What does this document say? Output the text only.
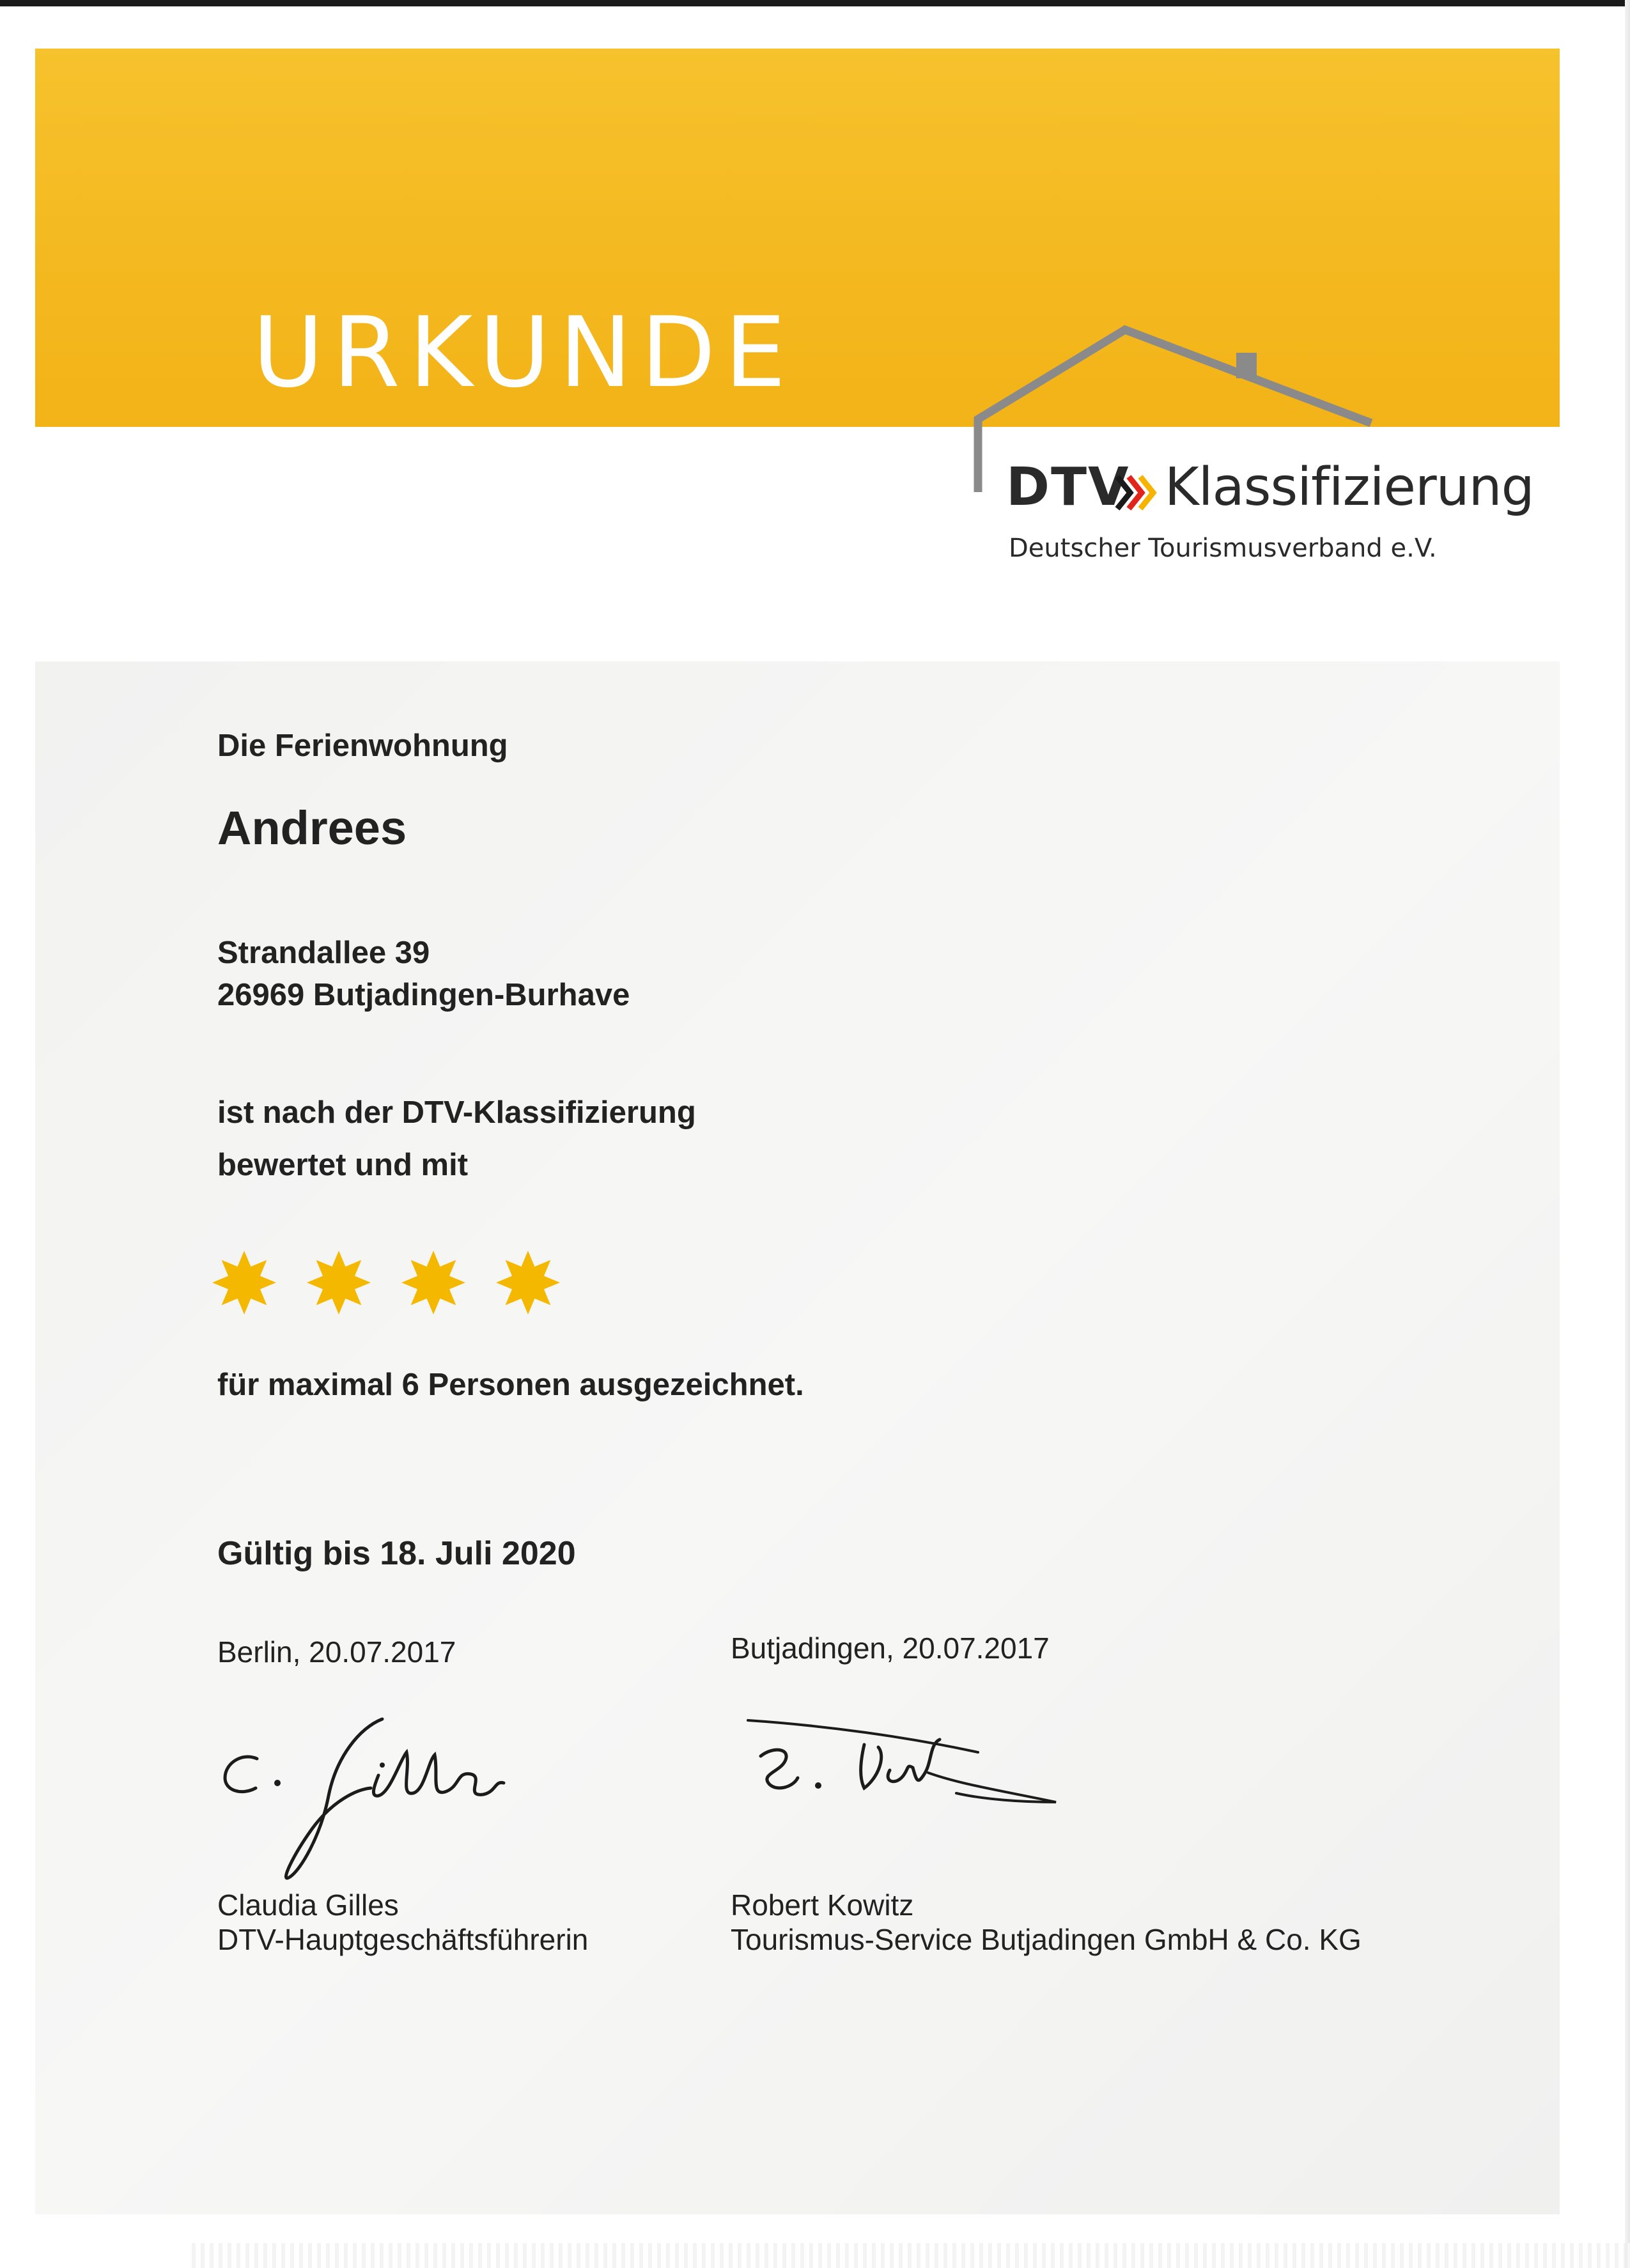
URKUNDE
DTV Klassifizierung
Deutscher Tourismusverband e.V.

Die Ferienwohnung

Andrees

Strandallee 39

26969 Butjadingen-Burhave

ist nach der DTV-Klassifizierung

bewertet und mit

für maximal 6 Personen ausgezeichnet.

Gültig bis 18. Juli 2020

Berlin, 20.07.2017	Butjadingen, 20.07.2017

Claudia Gilles

DTV-Hauptgeschäftsführerin

Robert Kowitz

Tourismus-Service Butjadingen GmbH & Co. KG
